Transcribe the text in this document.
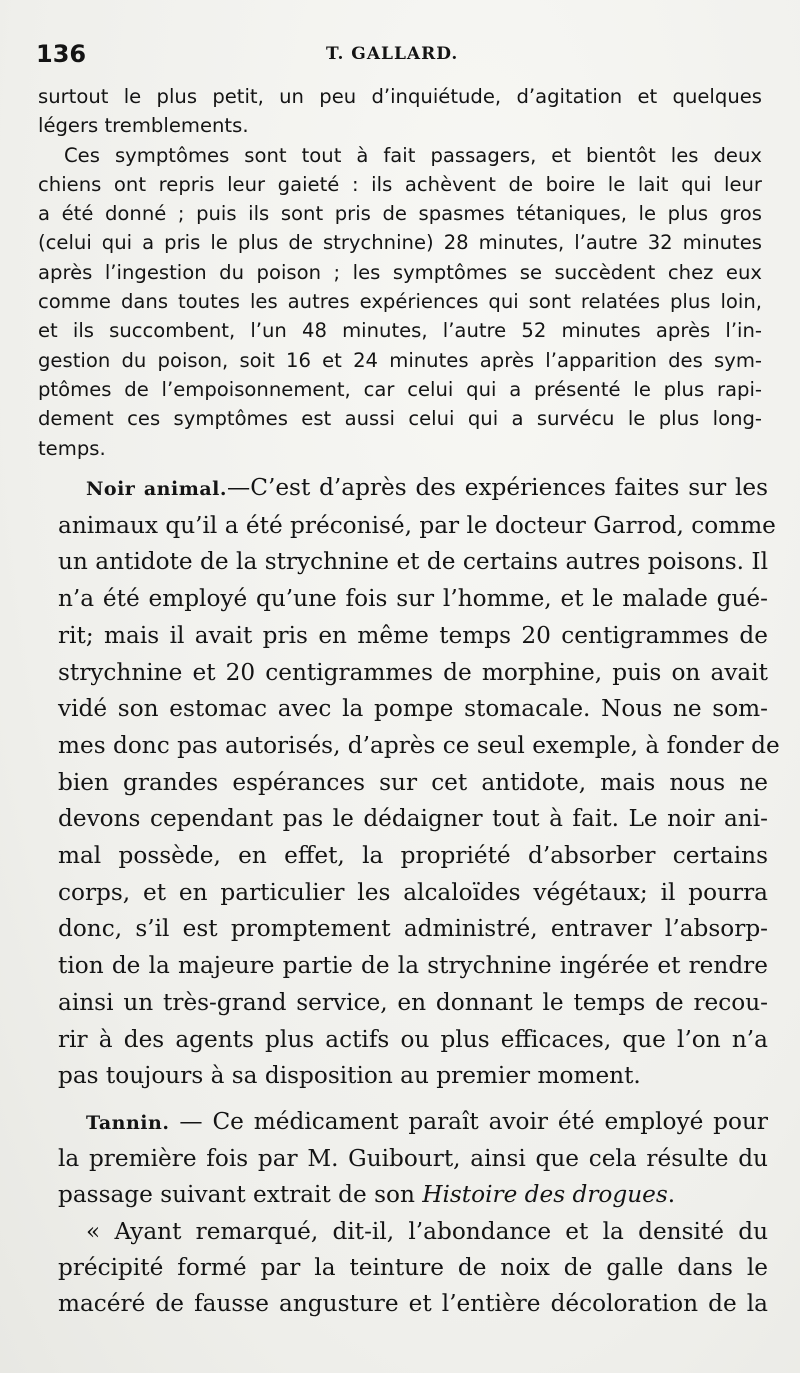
136	T. GALLARD.
surtout le plus petit, un peu d’inquiétude, d’agitation et quelques
légers tremblements.
Ces symptômes sont tout à fait passagers, et bientôt les deux
chiens ont repris leur gaieté : ils achèvent de boire le lait qui leur
a été donné ; puis ils sont pris de spasmes tétaniques, le plus gros
(celui qui a pris le plus de strychnine) 28 minutes, l’autre 32 minutes
après l’ingestion du poison ; les symptômes se succèdent chez eux
comme dans toutes les autres expériences qui sont relatées plus loin,
et ils succombent, l’un 48 minutes, l’autre 52 minutes après l’in-
gestion du poison, soit 16 et 24 minutes après l’apparition des sym-
ptômes de l’empoisonnement, car celui qui a présenté le plus rapi-
dement ces symptômes est aussi celui qui a survécu le plus long-
temps.
Noir animal.—C’est d’après des expériences faites sur les
animaux qu’il a été préconisé, par le docteur Garrod, comme
un antidote de la strychnine et de certains autres poisons. Il
n’a été employé qu’une fois sur l’homme, et le malade gué-
rit; mais il avait pris en même temps 20 centigrammes de
strychnine et 20 centigrammes de morphine, puis on avait
vidé son estomac avec la pompe stomacale. Nous ne som-
mes donc pas autorisés, d’après ce seul exemple, à fonder de
bien grandes espérances sur cet antidote, mais nous ne
devons cependant pas le dédaigner tout à fait. Le noir ani-
mal possède, en effet, la propriété d’absorber certains
corps, et en particulier les alcaloïdes végétaux; il pourra
donc, s’il est promptement administré, entraver l’absorp-
tion de la majeure partie de la strychnine ingérée et rendre
ainsi un très-grand service, en donnant le temps de recou-
rir à des agents plus actifs ou plus efficaces, que l’on n’a
pas toujours à sa disposition au premier moment.
Tannin. — Ce médicament paraît avoir été employé pour
la première fois par M. Guibourt, ainsi que cela résulte du
passage suivant extrait de son Histoire des drogues.
« Ayant remarqué, dit-il, l’abondance et la densité du
précipité formé par la teinture de noix de galle dans le
macéré de fausse angusture et l’entière décoloration de la
